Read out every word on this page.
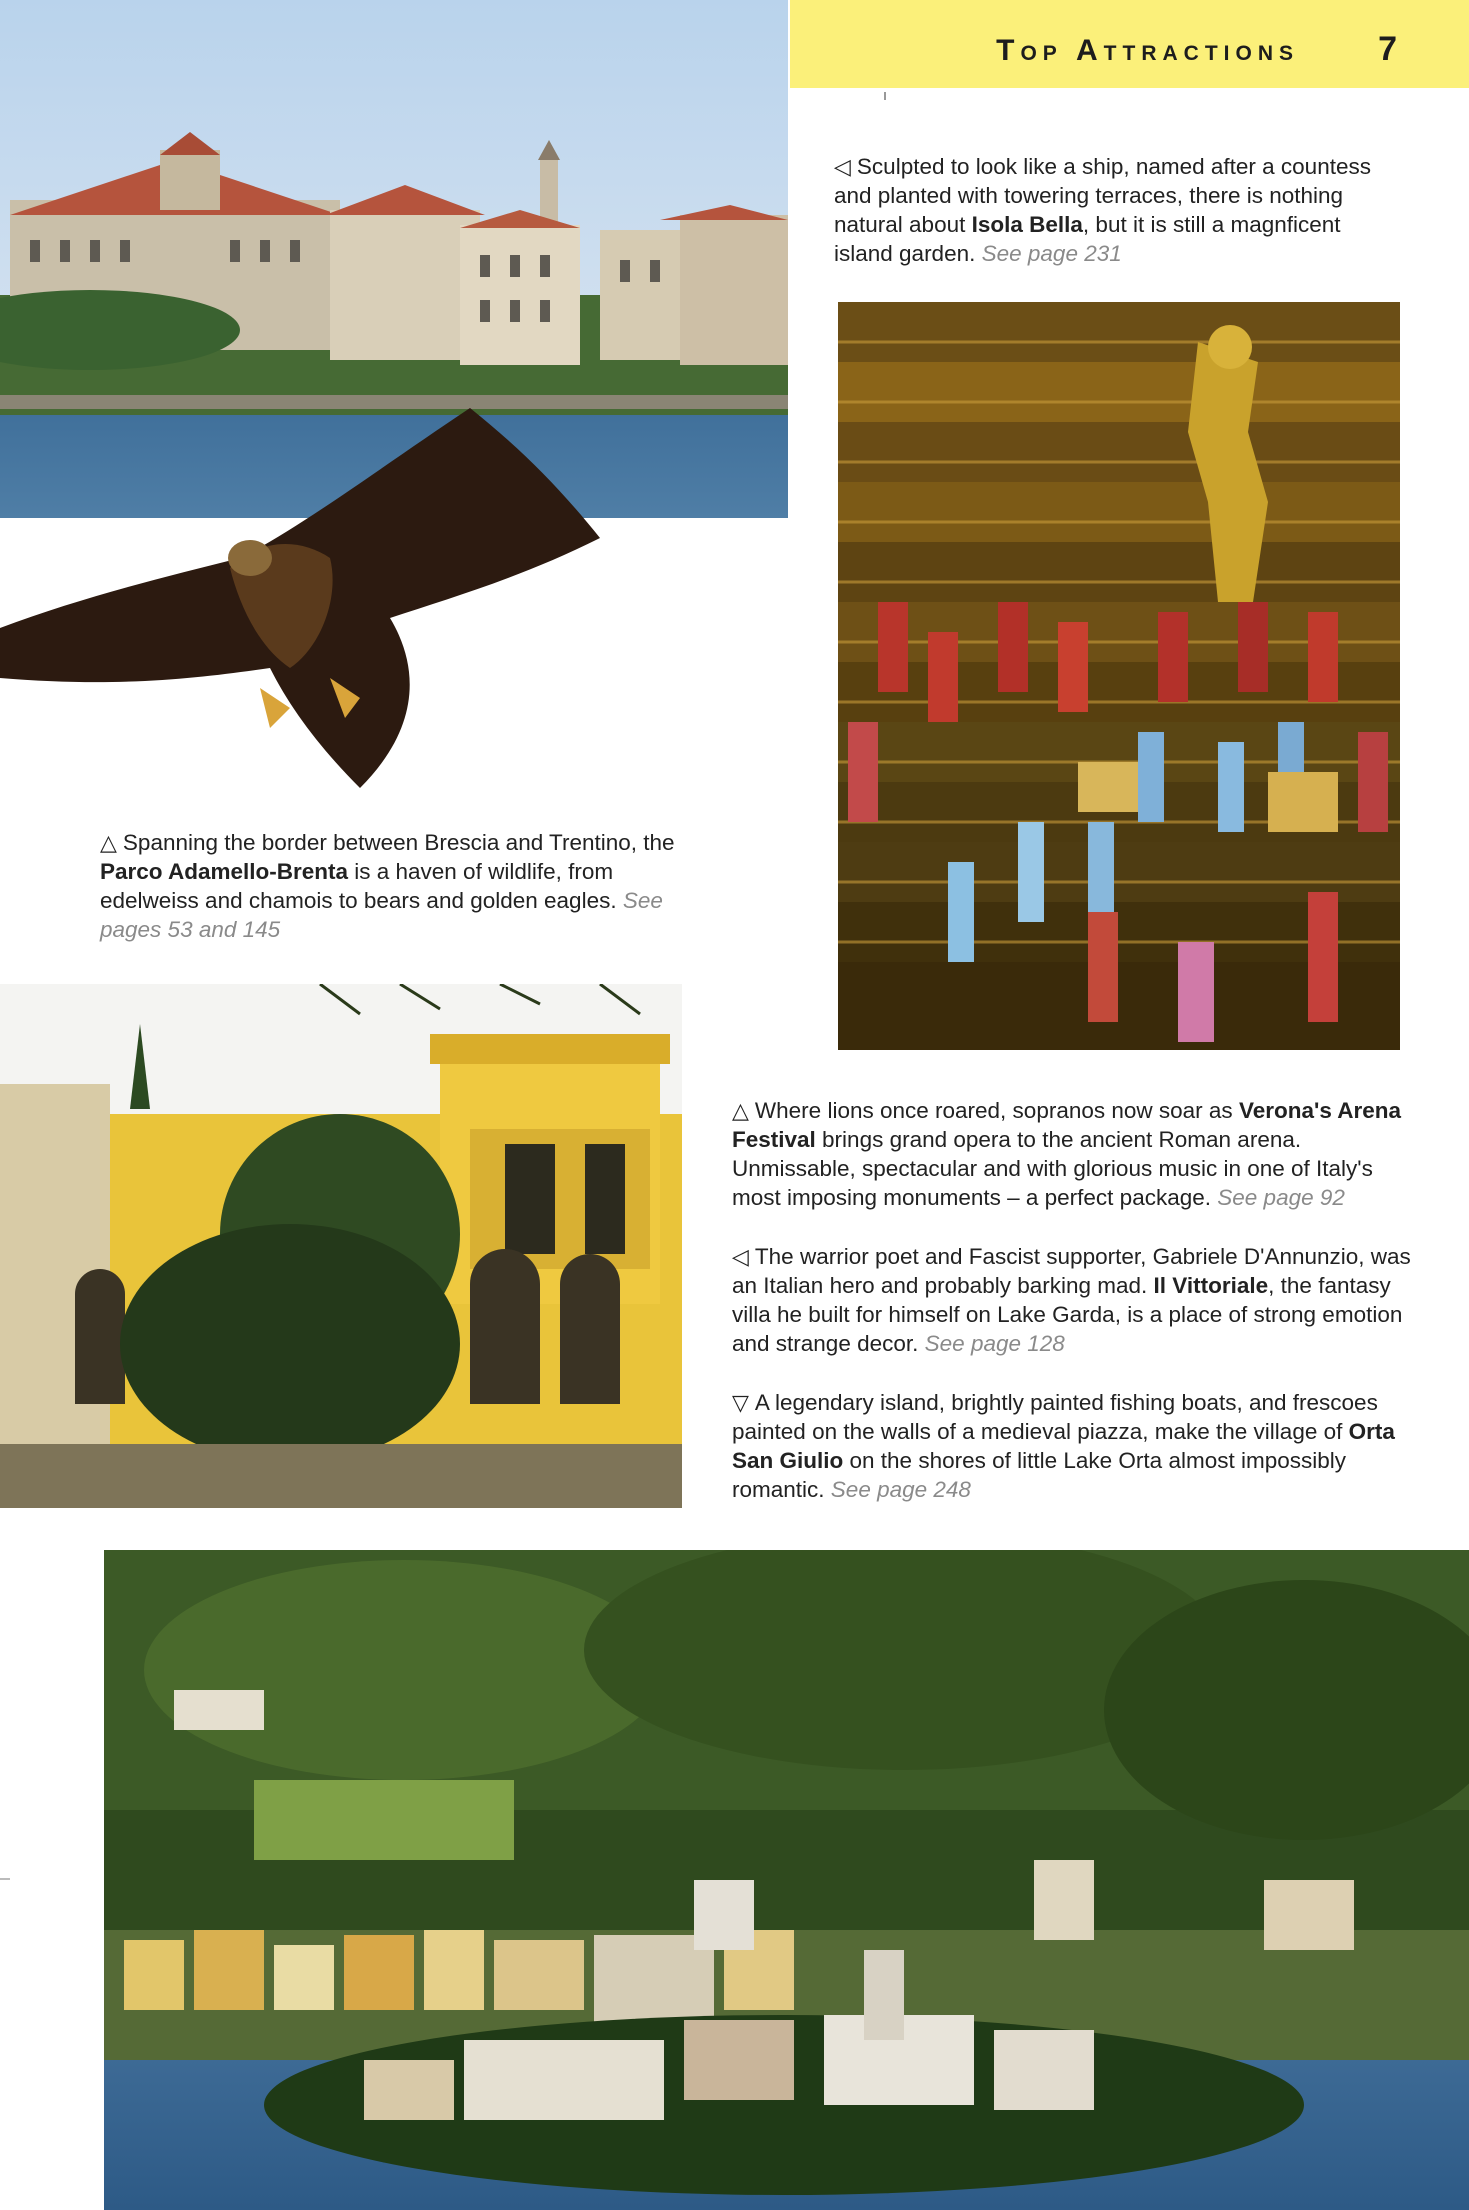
Top Attractions 7
◁ Sculpted to look like a ship, named after a countess and planted with towering terraces, there is nothing natural about Isola Bella, but it is still a magnficent island garden. See page 231
△ Spanning the border between Brescia and Trentino, the Parco Adamello-Brenta is a haven of wildlife, from edelweiss and chamois to bears and golden eagles. See pages 53 and 145
△ Where lions once roared, sopranos now soar as Verona's Arena Festival brings grand opera to the ancient Roman arena. Unmissable, spectacular and with glorious music in one of Italy's most imposing monuments – a perfect package. See page 92
◁ The warrior poet and Fascist supporter, Gabriele D'Annunzio, was an Italian hero and probably barking mad. Il Vittoriale, the fantasy villa he built for himself on Lake Garda, is a place of strong emotion and strange decor. See page 128
▽ A legendary island, brightly painted fishing boats, and frescoes painted on the walls of a medieval piazza, make the village of Orta San Giulio on the shores of little Lake Orta almost impossibly romantic. See page 248
